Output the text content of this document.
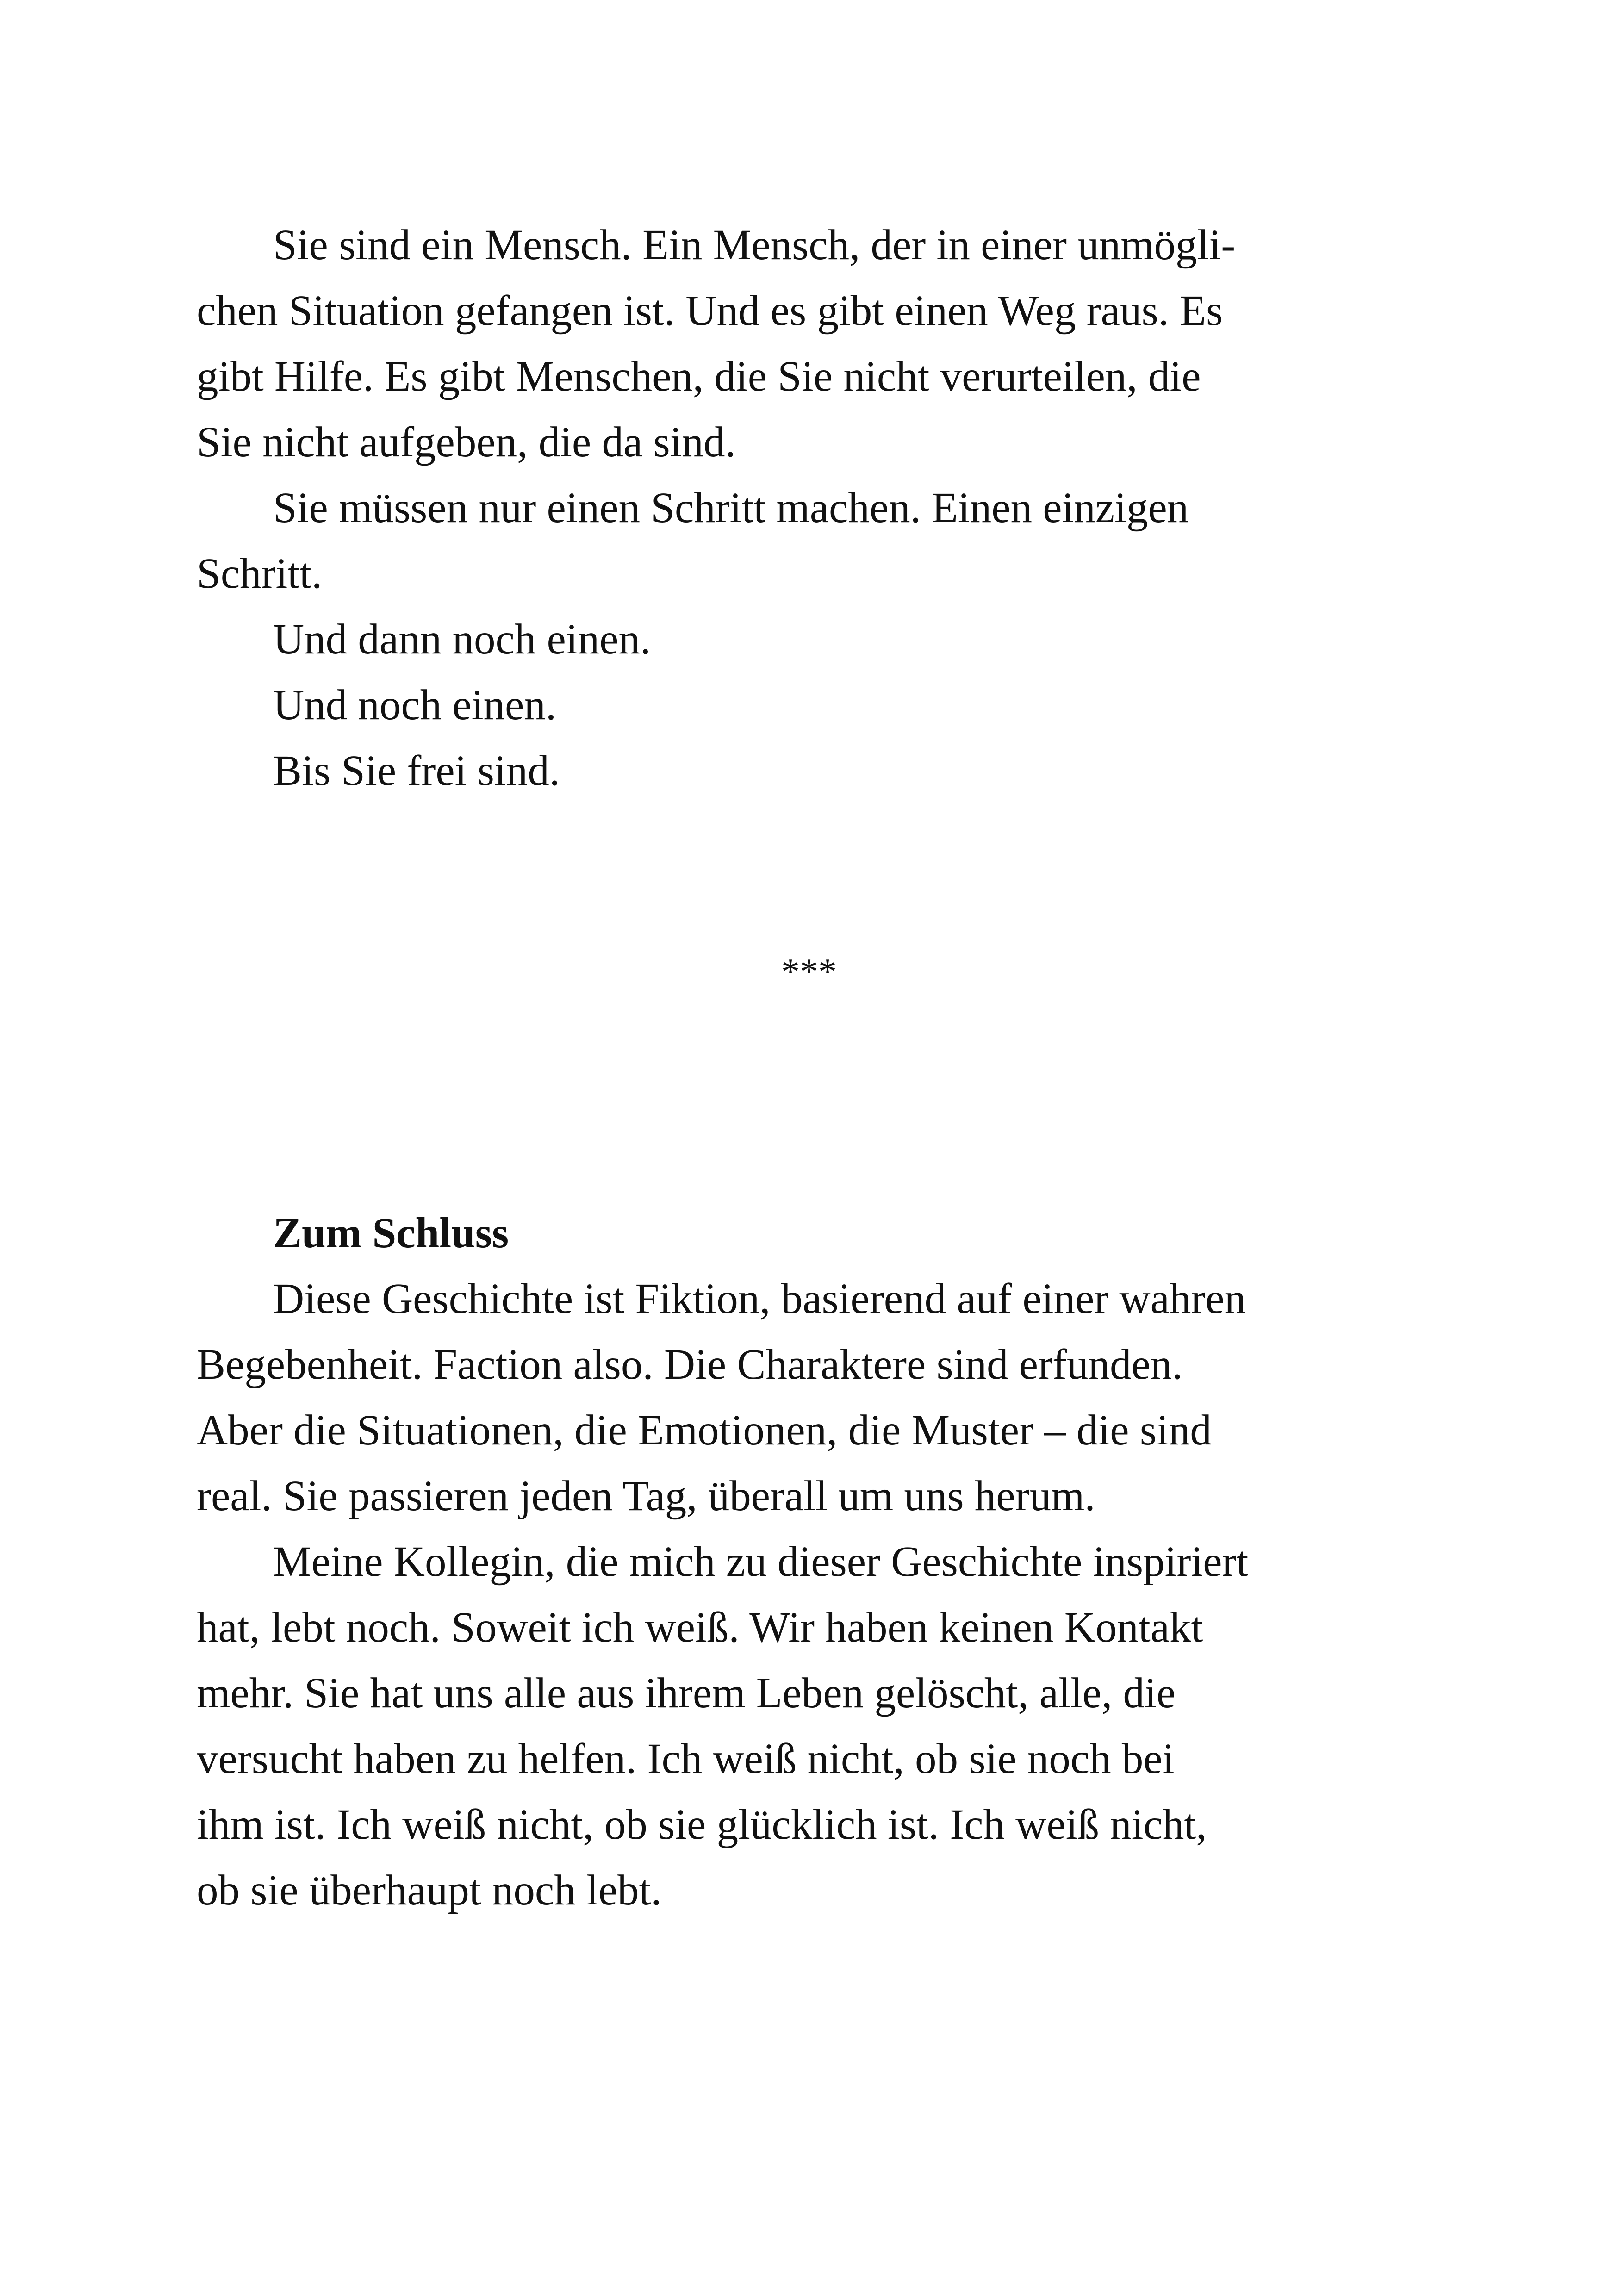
Sie sind ein Mensch. Ein Mensch, der in einer unmögli-
chen Situation gefangen ist. Und es gibt einen Weg raus. Es
gibt Hilfe. Es gibt Menschen, die Sie nicht verurteilen, die
Sie nicht aufgeben, die da sind.
Sie müssen nur einen Schritt machen. Einen einzigen
Schritt.
Und dann noch einen.
Und noch einen.
Bis Sie frei sind.
***
Zum Schluss
Diese Geschichte ist Fiktion, basierend auf einer wahren
Begebenheit. Faction also. Die Charaktere sind erfunden.
Aber die Situationen, die Emotionen, die Muster – die sind
real. Sie passieren jeden Tag, überall um uns herum.
Meine Kollegin, die mich zu dieser Geschichte inspiriert
hat, lebt noch. Soweit ich weiß. Wir haben keinen Kontakt
mehr. Sie hat uns alle aus ihrem Leben gelöscht, alle, die
versucht haben zu helfen. Ich weiß nicht, ob sie noch bei
ihm ist. Ich weiß nicht, ob sie glücklich ist. Ich weiß nicht,
ob sie überhaupt noch lebt.
